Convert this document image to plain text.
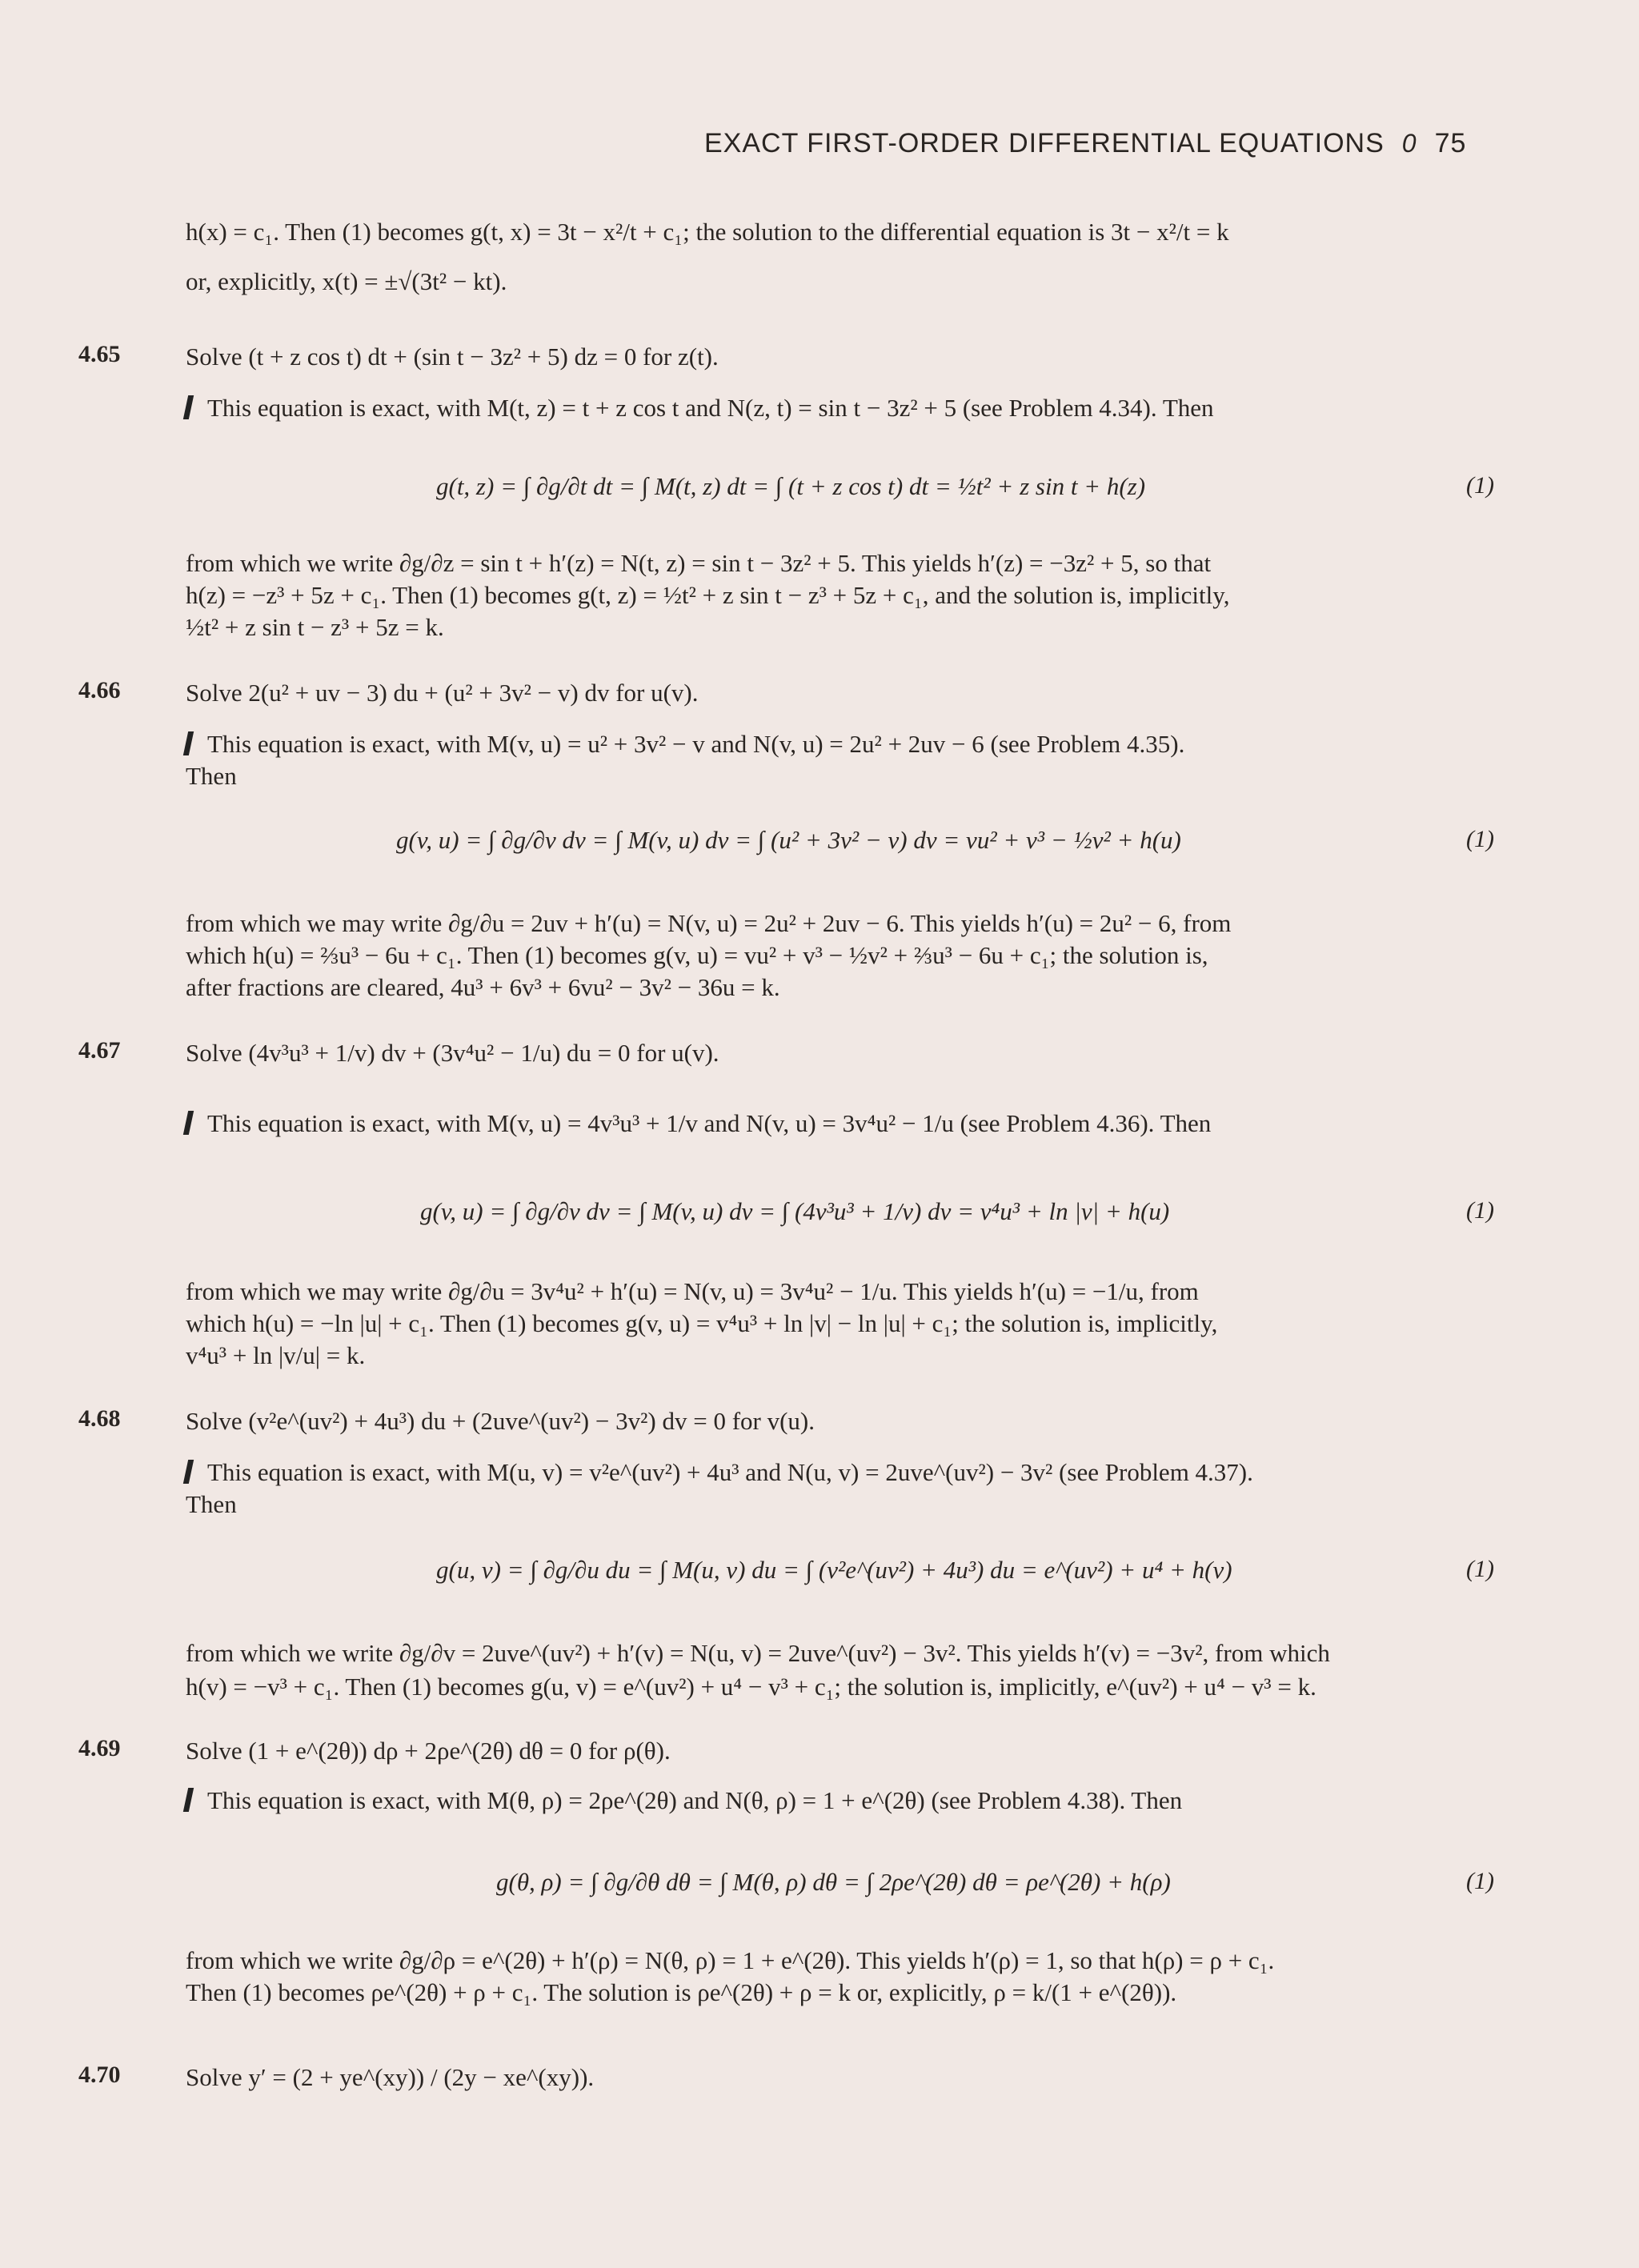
EXACT FIRST-ORDER DIFFERENTIAL EQUATIONS 0 75
h(x) = c₁. Then (1) becomes g(t, x) = 3t − x²/t + c₁; the solution to the differential equation is 3t − x²/t = k
or, explicitly, x(t) = ±√(3t² − kt).
4.65	Solve (t + z cos t) dt + (sin t − 3z² + 5) dz = 0 for z(t).
This equation is exact, with M(t, z) = t + z cos t and N(z, t) = sin t − 3z² + 5 (see Problem 4.34). Then
g(t, z) = ∫ ∂g/∂t dt = ∫ M(t, z) dt = ∫ (t + z cos t) dt = ½t² + z sin t + h(z)	(1)
from which we write ∂g/∂z = sin t + h′(z) = N(t, z) = sin t − 3z² + 5. This yields h′(z) = −3z² + 5, so that
h(z) = −z³ + 5z + c₁. Then (1) becomes g(t, z) = ½t² + z sin t − z³ + 5z + c₁, and the solution is, implicitly,
½t² + z sin t − z³ + 5z = k.
4.66	Solve 2(u² + uv − 3) du + (u² + 3v² − v) dv for u(v).
This equation is exact, with M(v, u) = u² + 3v² − v and N(v, u) = 2u² + 2uv − 6 (see Problem 4.35).
Then
g(v, u) = ∫ ∂g/∂v dv = ∫ M(v, u) dv = ∫ (u² + 3v² − v) dv = vu² + v³ − ½v² + h(u)	(1)
from which we may write ∂g/∂u = 2uv + h′(u) = N(v, u) = 2u² + 2uv − 6. This yields h′(u) = 2u² − 6, from
which h(u) = ⅔u³ − 6u + c₁. Then (1) becomes g(v, u) = vu² + v³ − ½v² + ⅔u³ − 6u + c₁; the solution is,
after fractions are cleared, 4u³ + 6v³ + 6vu² − 3v² − 36u = k.
4.67	Solve (4v³u³ + 1/v) dv + (3v⁴u² − 1/u) du = 0 for u(v).
This equation is exact, with M(v, u) = 4v³u³ + 1/v and N(v, u) = 3v⁴u² − 1/u (see Problem 4.36). Then
g(v, u) = ∫ ∂g/∂v dv = ∫ M(v, u) dv = ∫ (4v³u³ + 1/v) dv = v⁴u³ + ln |v| + h(u)	(1)
from which we may write ∂g/∂u = 3v⁴u² + h′(u) = N(v, u) = 3v⁴u² − 1/u. This yields h′(u) = −1/u, from
which h(u) = −ln |u| + c₁. Then (1) becomes g(v, u) = v⁴u³ + ln |v| − ln |u| + c₁; the solution is, implicitly,
v⁴u³ + ln |v/u| = k.
4.68	Solve (v²e^(uv²) + 4u³) du + (2uve^(uv²) − 3v²) dv = 0 for v(u).
This equation is exact, with M(u, v) = v²e^(uv²) + 4u³ and N(u, v) = 2uve^(uv²) − 3v² (see Problem 4.37).
Then
g(u, v) = ∫ ∂g/∂u du = ∫ M(u, v) du = ∫ (v²e^(uv²) + 4u³) du = e^(uv²) + u⁴ + h(v)	(1)
from which we write ∂g/∂v = 2uve^(uv²) + h′(v) = N(u, v) = 2uve^(uv²) − 3v². This yields h′(v) = −3v², from which
h(v) = −v³ + c₁. Then (1) becomes g(u, v) = e^(uv²) + u⁴ − v³ + c₁; the solution is, implicitly, e^(uv²) + u⁴ − v³ = k.
4.69	Solve (1 + e^(2θ)) dρ + 2ρe^(2θ) dθ = 0 for ρ(θ).
This equation is exact, with M(θ, ρ) = 2ρe^(2θ) and N(θ, ρ) = 1 + e^(2θ) (see Problem 4.38). Then
g(θ, ρ) = ∫ ∂g/∂θ dθ = ∫ M(θ, ρ) dθ = ∫ 2ρe^(2θ) dθ = ρe^(2θ) + h(ρ)	(1)
from which we write ∂g/∂ρ = e^(2θ) + h′(ρ) = N(θ, ρ) = 1 + e^(2θ). This yields h′(ρ) = 1, so that h(ρ) = ρ + c₁.
Then (1) becomes ρe^(2θ) + ρ + c₁. The solution is ρe^(2θ) + ρ = k or, explicitly, ρ = k/(1 + e^(2θ)).
4.70	Solve y′ = (2 + ye^(xy)) / (2y − xe^(xy)).
